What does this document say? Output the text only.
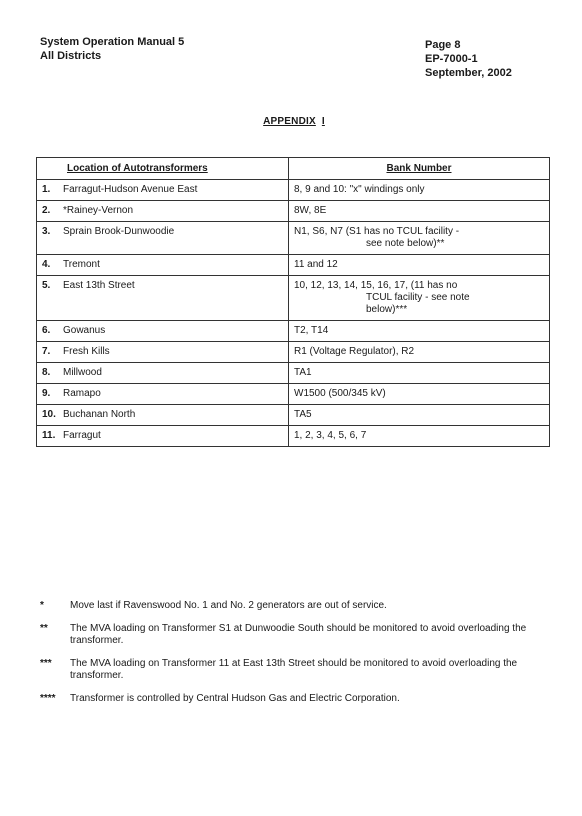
System Operation Manual 5
All Districts
Page 8
EP-7000-1
September, 2002
APPENDIX I
Location of Autotransformers	Bank Number
1. Farragut-Hudson Avenue East	8, 9 and 10: "x" windings only

2. *Rainey-Vernon	8W, 8E

3. Sprain Brook-Dunwoodie	N1, S6, N7 (S1 has no TCUL facility -
see note below)**

4. Tremont	11 and 12

5. East 13th Street	10, 12, 13, 14, 15, 16, 17, (11 has no
TCUL facility - see note
below)***

6. Gowanus	T2, T14

7. Fresh Kills	R1 (Voltage Regulator), R2

8. Millwood	TA1

9. Ramapo	W1500 (500/345 kV)

10. Buchanan North	TA5

11. Farragut	1, 2, 3, 4, 5, 6, 7
*	Move last if Ravenswood No. 1 and No. 2 generators are out of service.
** The MVA loading on Transformer S1 at Dunwoodie South should be monitored to avoid overloading the transformer.
*** The MVA loading on Transformer 11 at East 13th Street should be monitored to avoid overloading the transformer.
**** Transformer is controlled by Central Hudson Gas and Electric Corporation.
